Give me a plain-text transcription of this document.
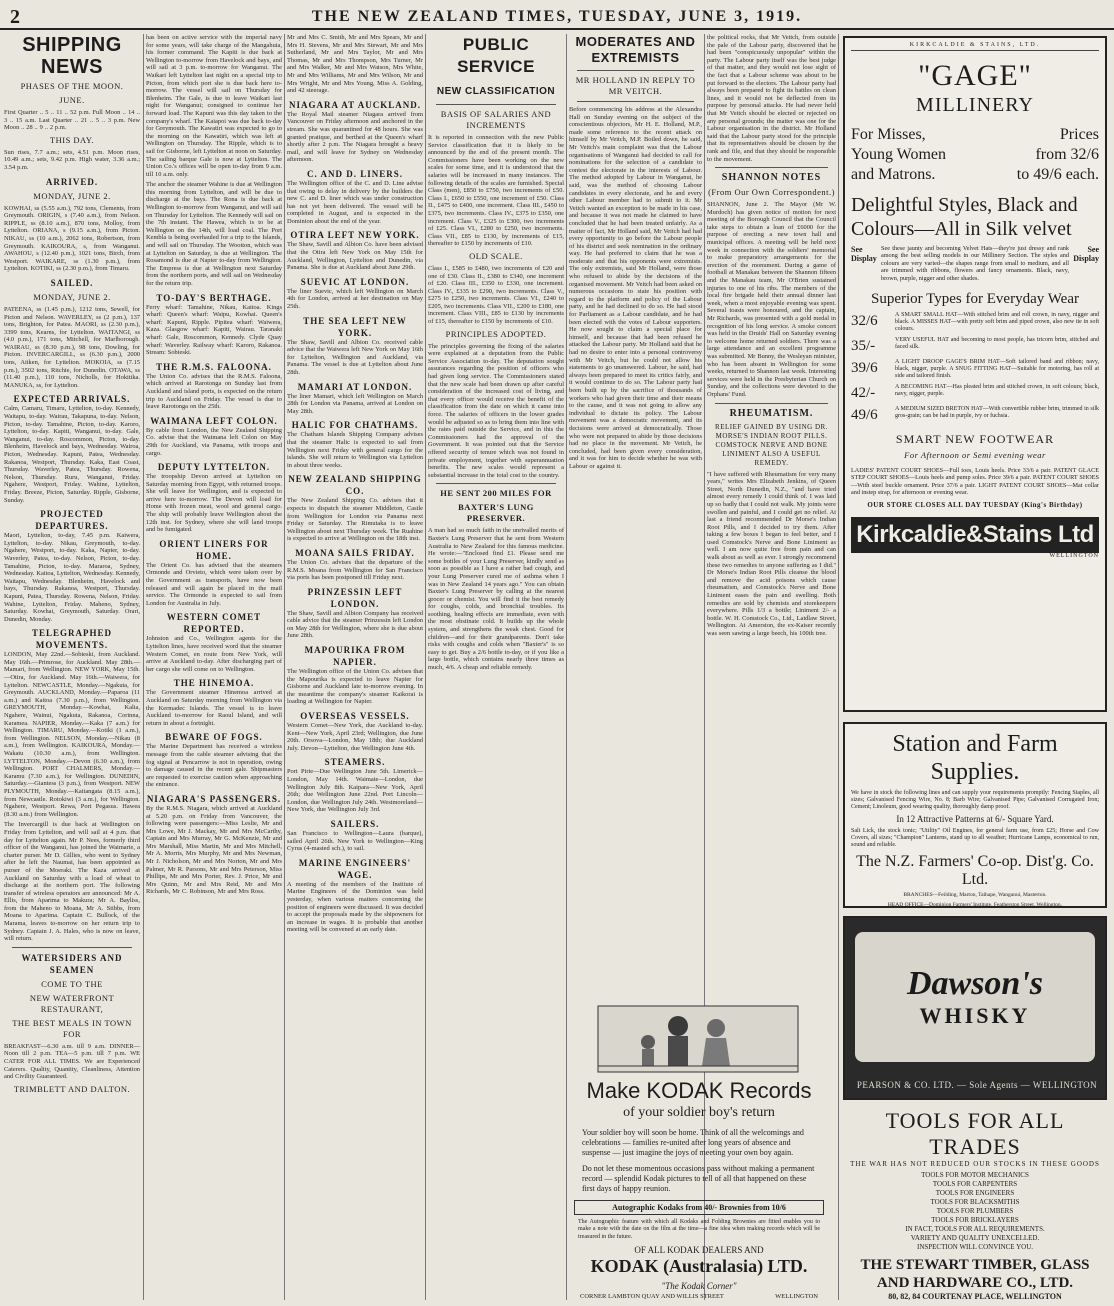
2	THE NEW ZEALAND TIMES, TUESDAY, JUNE 3, 1919.
SHIPPING NEWS
PHASES OF THE MOON.
JUNE.
First Quarter .. 5 .. 11 .. 52 p.m. Full Moon .. 14 .. 3 .. 15 a.m. Last Quarter .. 21 .. 5 .. 3 p.m. New Moon .. 28 .. 9 .. 2 p.m.
THIS DAY.
Sun rises, 7.7 a.m.; sets, 4.51 p.m. Moon rises, 10.49 a.m.; sets, 9.42 p.m. High water, 3.36 a.m.; 3.54 p.m.
ARRIVED.
MONDAY, JUNE 2.
KOWHAI, ss (5.55 a.m.), 792 tons, Clements, from Greymouth. ORIGIN, s (7.40 a.m.), from Nelson. RIPPLE, ss (8.10 a.m.), 870 tons, Molloy, from Lyttelton. ORIANA, s (9.15 a.m.), from Picton. NIKAU, ss (10 a.m.), 2062 tons, Robertson, from Greymouth. KAIKOURA, s, from Wanganui. AWAHOU, s (12.40 p.m.), 1021 tons, Birch, from Westport. WAIKARE, ss (1.30 p.m.), from Lyttelton. KOTIKI, ss (2.30 p.m.), from Timaru.
SAILED.
MONDAY, JUNE 2.
PATEENA, ss (1.45 p.m.), 1212 tons, Sewell, for Picton and Nelson. WAVERLEY, ss (2 p.m.), 137 tons, Brighton, for Patea. MAORI, ss (2.30 p.m.), 3399 tons, Kearns, for Lyttelton. WAITANGI, ss (4.0 p.m.), 171 tons, Mitchell, for Marlborough. WAIRAU, ss (8.30 p.m.), 98 tons, Dowling, for Picton. INVERCARGILL, ss (6.30 p.m.), 2000 tons, Aitken, for Lyttelton. MOKOIA, ss (7.15 p.m.), 3502 tons, Ritchie, for Dunedin. OTAWA, ss (11.40 p.m.), 110 tons, Nicholls, for Hokitika. MANUKA, ss, for Lyttelton.
EXPECTED ARRIVALS.
Calm, Camaru, Timaru, Lyttelton, to-day. Kennedy, Waitapu, to-day. Wairau, Takapuna, to-day. Nelson, Picton, to-day. Tamahine, Picton, to-day. Karoro, Lyttelton, to-day. Kapiti, Wanganui, to-day. Gale, Wanganui, to-day. Roscommon, Picton, to-day. Blenheim, Havelock and bays, Wednesday. Wairoa, Picton, Wednesday. Kapuni, Patea, Wednesday. Rakanoa, Westport, Thursday. Kaka, East Coast, Thursday. Waverley, Patea, Thursday. Rowena, Nelson, Thursday. Ruru, Wanganui, Friday. Ngahere, Westport, Friday. Wahine, Lyttelton, Friday. Breeze, Picton, Saturday. Ripple, Gisborne, Sunday.
PROJECTED DEPARTURES.
Maori, Lyttelton, to-day, 7.45 p.m. Kaiwera, Lyttelton, to-day. Nikau, Greymouth, to-day. Ngahere, Westport, to-day. Kaka, Napier, to-day. Waverley, Patea, to-day. Nelson, Picton, to-day. Tamahine, Picton, to-day. Mararoa, Sydney, Wednesday. Kaitoa, Lyttelton, Wednesday. Kennedy, Waitapu, Wednesday. Blenheim, Havelock and bays, Thursday. Rakanoa, Westport, Thursday. Kapuni, Patea, Thursday. Rowena, Nelson, Friday. Wahine, Lyttelton, Friday. Maheno, Sydney, Saturday. Kowhai, Greymouth, Saturday. Orari, Dunedin, Monday.
TELEGRAPHED MOVEMENTS.
LONDON, May 22nd.—Sobieski, from Auckland. May 16th.—Primrose, for Auckland. May 28th.—Mamari, from Wellington. NEW YORK, May 15th.—Otira, for Auckland. May 16th.—Waiwera, for Lyttelton. NEWCASTLE, Monday.—Ngakuta, for Greymouth. AUCKLAND, Monday.—Paparoa (11 a.m.) and Kaitoa (7.30 p.m.), from Wellington. GREYMOUTH, Monday.—Kowhai, Kalia, Ngahere, Wainui, Ngakuta, Rakanoa, Corinna, Karamea. NAPIER, Monday.—Kaka (7 a.m.) for Wellington. TIMARU, Monday.—Kotiki (1 a.m.), from Wellington. NELSON, Monday.—Nikau (8 a.m.), from Wellington. KAIKOURA, Monday.—Wakatu (10.30 a.m.), from Wellington. LYTTELTON, Monday.—Devon (6.30 a.m.), from Wellington. PORT CHALMERS, Monday.—Karamu (7.30 a.m.), for Wellington. DUNEDIN, Saturday.—Giantess (3 p.m.), from Westport. NEW PLYMOUTH, Monday.—Kaitangata (8.15 a.m.), from Newcastle. Rotokiwi (3 a.m.), for Wellington. Ngahere, Westport. Rewa, Port Pegasus. Hawea (8.30 a.m.) from Wellington.
The Invercargill is due back at Wellington on Friday from Lyttelton, and will sail at 4 p.m. that day for Lyttelton again. Mr P. Nees, formerly third officer of the Wanganui, has joined the Waimarie, a charter purser. Mr D. Gillies, who went to Sydney after he left the Naumai, has been appointed as purser of the Moeraki. The Kaza arrived at Auckland on Saturday with a load of wheat to discharge at the northern port. The following transfer of wireless operators are announced: Mr A. Ellis, from Aparima to Makura; Mr A. Bayliss, from the Maheno to Moana, Mr A. Stibbs, from Moana to Aparima. Captain C. Bullock, of the Marama, leaves to-morrow on her return trip to Sydney. Captain J. A. Hales, who is now on leave, will return.
WATERSIDERS AND SEAMEN
COME TO THE
NEW WATERFRONT RESTAURANT,
THE BEST MEALS IN TOWN FOR
BREAKFAST—6.30 a.m. till 9 a.m. DINNER—Noon till 2 p.m. TEA—5 p.m. till 7 p.m. WE CATER FOR ALL TIMES. We are Experienced Caterers. Quality, Quantity, Cleanliness, Attention and Civility Guaranteed.
TRIMBLETT AND DALTON.
has been on active service with the imperial navy for some years, will take charge of the Mangahuia, his former command. The Kapiti is due back at Wellington to-morrow from Havelock and bays, and will sail at 3 p.m. to-morrow for Wanganui. The Waikari left Lyttelton last night on a special trip to Picton, from which port she is due back here to-morrow. The vessel will sail on Thursday for Blenheim. The Gale, is due to leave Waikari last night for Wanganui; consigned to continue her forward load. The Kapuni was this day taken to the company's wharf. The Kaiapoi was due back to-day for Greymouth. The Kawatiri was expected to go to the morning on the Kawatiri, which was left at Wellington on Thursday. The Ripple, which is to sail for Gisborne, left Lyttelton at noon on Saturday. The sailing barque Gale is now at Lyttelton. The Union Co.'s offices will be open to-day from 9 a.m. till 10 a.m. only.
The anchor the steamer Wahine is due at Wellington this morning from Lyttelton, and will be due to discharge at the bays. The Rona is due back at Wellington to-morrow from Wanganui, and will sail on Thursday for Lyttelton. The Kennedy will sail on the 7th instant. The Hawea, which is to be at Wellington on the 14th, will load coal. The Port Kembla is being overhauled for a trip to the Islands, and will sail on Thursday. The Wootton, which was at Lyttelton on Saturday, is due at Wellington. The Rosamond is due at Napier to-day from Wellington. The Empress is due at Wellington next Saturday from the northern ports, and will sail on Wednesday for the return trip.
TO-DAY'S BERTHAGE.
Ferry wharf: Tamahine, Nikau, Kaitoa. Kings wharf: Queen's wharf: Waipu, Kowhai. Queen's wharf: Kapuni, Ripple. Pipitea wharf: Waiwera, Kaza. Glasgow wharf: Kapiti, Wairau. Taranaki wharf: Gale, Roscommon, Kennedy. Clyde Quay wharf: Waverley. Railway wharf: Karoro, Rakanoa. Stream: Sobieski.
THE R.M.S. FALOONA.
The Union Co. advises that the R.M.S. Faloona, which arrived at Rarotonga on Sunday last from Auckland and island ports, is expected on the return trip to Auckland on Friday. The vessel is due to leave Rarotonga on the 25th.
WAIMANA LEFT COLON.
By cable from London, the New Zealand Shipping Co. advise that the Waimana left Colon on May 29th for Auckland, via Panama, with troops and cargo.
DEPUTY LYTTELTON.
The troopship Devon arrived at Lyttelton on Saturday morning from Egypt, with returned troops. She will leave for Wellington, and is expected to arrive here to-morrow. The Devon will load for Home with frozen meat, wool and general cargo. The ship will probably leave Wellington about the 12th inst. for Sydney, where she will land troops and be fumigated.
ORIENT LINERS FOR HOME.
The Orient Co. has advised that the steamers Ormonde and Orvieto, which were taken over by the Government as transports, have now been released and will again be placed in the mail service. The Ormonde is expected to sail from London for Australia in July.
WESTERN COMET REPORTED.
Johnston and Co., Wellington agents for the Lyttelton lines, have received word that the steamer Western Comet, en route from New York, will arrive at Auckland to-day. After discharging part of her cargo she will come on to Wellington.
THE HINEMOA.
The Government steamer Hinemoa arrived at Auckland on Saturday morning from Wellington via the Kermadec Islands. The vessel is to leave Auckland to-morrow for Raoul Island, and will return in about a fortnight.
BEWARE OF FOGS.
The Marine Department has received a wireless message from the cable steamer advising that the fog signal at Pencarrow is not in operation, owing to damage caused in the recent gale. Shipmasters are requested to exercise caution when approaching the entrance.
NIAGARA'S PASSENGERS.
By the R.M.S. Niagara, which arrived at Auckland at 5.20 p.m. on Friday from Vancouver, the following were passengers:—Miss Leslie, Mr and Mrs Lowe, Mr J. Mackay, Mr and Mrs McCarthy, Captain and Mrs Murray, Mr G. McKenzie, Mr and Mrs Marshall, Miss Martin, Mr and Mrs Mitchell, Mr A. Morris, Mrs Murphy, Mr and Mrs Newman, Mr J. Nicholson, Mr and Mrs Norton, Mr and Mrs Palmer, Mr R. Parsons, Mr and Mrs Peterson, Miss Phillips, Mr and Mrs Porter, Rev. J. Price, Mr and Mrs Quinn, Mr and Mrs Reid, Mr and Mrs Richards, Mr C. Robinson, Mr and Mrs Ross.
Mr and Mrs C. Smith, Mr and Mrs Spears, Mr and Mrs H. Stevens, Mr and Mrs Stewart, Mr and Mrs Sutherland, Mr and Mrs Taylor, Mr and Mrs Thomas, Mr and Mrs Thompson, Mrs Turner, Mr and Mrs Walker, Mr and Mrs Watson, Mrs White, Mr and Mrs Williams, Mr and Mrs Wilson, Mr and Mrs Wright, Mr and Mrs Young, Miss A. Golding, and 42 steerage.
NIAGARA AT AUCKLAND.
The Royal Mail steamer Niagara arrived from Vancouver on Friday afternoon and anchored in the stream. She was quarantined for 48 hours. She was granted pratique, and berthed at the Queen's wharf shortly after 2 p.m. The Niagara brought a heavy mail, and will leave for Sydney on Wednesday afternoon.
C. AND D. LINERS.
The Wellington office of the C. and D. Line advise that owing to delay in delivery by the builders the new C. and D. liner which was under construction has not yet been delivered. The vessel will be completed in August, and is expected in the Dominion about the end of the year.
OTIRA LEFT NEW YORK.
The Shaw, Savill and Albion Co. have been advised that the Otira left New York on May 15th for Auckland, Wellington, Lyttelton and Dunedin, via Panama. She is due at Auckland about June 29th.
SUEVIC AT LONDON.
The liner Suevic, which left Wellington on March 4th for London, arrived at her destination on May 25th.
THE SEA LEFT NEW YORK.
The Shaw, Savill and Albion Co. received cable advice that the Waiwera left New York on May 16th for Lyttelton, Wellington and Auckland, via Panama. The vessel is due at Lyttelton about June 28th.
MAMARI AT LONDON.
The liner Mamari, which left Wellington on March 28th for London via Panama, arrived at London on May 28th.
HALIC FOR CHATHAMS.
The Chatham Islands Shipping Company advises that the steamer Halic is expected to sail from Wellington next Friday with general cargo for the islands. She will return to Wellington via Lyttelton in about three weeks.
NEW ZEALAND SHIPPING CO.
The New Zealand Shipping Co. advises that it expects to dispatch the steamer Middleton, Castle from Wellington for London via Panama next Friday or Saturday. The Rimutaka is to leave Wellington about next Thursday week. The Ruahine is expected to arrive at Wellington on the 18th inst.
MOANA SAILS FRIDAY.
The Union Co. advises that the departure of the R.M.S. Moana from Wellington for San Francisco via ports has been postponed till Friday next.
PRINZESSIN LEFT LONDON.
The Shaw, Savill and Albion Company has received cable advice that the steamer Prinzessin left London on May 28th for Wellington, where she is due about June 28th.
MAPOURIKA FROM NAPIER.
The Wellington office of the Union Co. advises that the Mapourika is expected to leave Napier for Gisborne and Auckland late to-morrow evening. In the meantime the company's steamer Kaikorai is loading at Wellington for Napier.
OVERSEAS VESSELS.
Western Comet—New York, due Auckland to-day. Kent—New York, April 23rd; Wellington, due June 20th. Orsova—London, May 18th; due Auckland July. Devon—Lyttelton, due Wellington June 4th.
STEAMERS.
Port Pirie—Due Wellington June 5th. Limerick—London, May 14th. Waimate—London, due Wellington July 8th. Kaipara—New York, April 26th; due Wellington June 22nd. Port Lincoln—London, due Wellington July 24th. Westmoreland—New York, due Wellington July 3rd.
SAILERS.
San Francisco to Wellington—Laura (barque), sailed April 26th. New York to Wellington—King Cyrus (4-masted sch.), to sail.
MARINE ENGINEERS' WAGE.
A meeting of the members of the Institute of Marine Engineers of the Dominion was held yesterday, when various matters concerning the position of engineers were discussed. It was decided to accept the proposals made by the shipowners for an increase in wages. It is probable that another meeting will be convened at an early date.
PUBLIC SERVICE
NEW CLASSIFICATION
BASIS OF SALARIES AND INCREMENTS
It is reported in connection with the new Public Service classification that it is likely to be announced by the end of the present month. The Commissioners have been working on the new scales for some time, and it is understood that the salaries will be increased in many instances. The following details of the scales are furnished. Special Class (men), £850 to £750, two increments of £50. Class I., £650 to £550, one increment of £50. Class II., £475 to £400, one increment. Class III., £450 to £375, two increments. Class IV., £375 to £350, one increment. Class V., £325 to £300, two increments of £25. Class VI., £280 to £250, two increments. Class VII., £85 to £130, by increments of £15, thereafter to £150 by increments of £10.
OLD SCALE.
Class I., £585 to £480, two increments of £20 and one of £30. Class II., £380 to £340, one increment of £20. Class III., £350 to £330, one increment. Class IV., £335 to £290, two increments. Class V., £275 to £250, two increments. Class VI., £240 to £205, two increments. Class VII., £200 to £180, one increment. Class VIII., £85 to £130 by increments of £15, thereafter to £150 by increments of £10.
PRINCIPLES ADOPTED.
The principles governing the fixing of the salaries were explained at a deputation from the Public Service Association to-day. The deputation sought assurances regarding the position of officers who had given long service. The Commissioners stated that the new scale had been drawn up after careful consideration of the increased cost of living, and that every officer would receive the benefit of the classification from the date on which it came into force. The salaries of officers in the lower grades would be adjusted so as to bring them into line with the rates paid outside the Service, and in this the Commissioners had the approval of the Government. It was pointed out that the Service offered security of tenure which was not found in private employment, together with superannuation benefits. The new scales would represent a substantial increase in the total cost to the country.
HE SENT 200 MILES FOR
BAXTER'S LUNG PRESERVER.
A man had so much faith in the unrivalled merits of Baxter's Lung Preserver that he sent from Western Australia to New Zealand for this famous medicine. He wrote:—"Enclosed find £1. Please send me some bottles of your Lung Preserver, kindly send as soon as possible as I have a rather bad cough, and your Lung Preserver cured me of asthma when I was in New Zealand 14 years ago." You can obtain Baxter's Lung Preserver by calling at the nearest grocer or chemist. You will find it the best remedy for coughs, colds, and bronchial troubles. Its soothing, healing effects are immediate, even with the most obstinate cold. It builds up the whole system, and strengthens the weak chest. Good for children—and for their grandparents. Don't take risks with coughs and colds when "Baxter's" is so easy to get. Buy a 2/6 bottle to-day, or if you like a large bottle, which contains nearly three times as much, 4/6. A cheap and reliable remedy.
MODERATES AND EXTREMISTS
MR HOLLAND IN REPLY TO MR VEITCH.
Before commencing his address at the Alexandra Hall on Sunday evening on the subject of the conscientious objectors, Mr H. E. Holland, M.P., made some reference to the recent attack on himself by Mr Veitch, M.P. Boiled down, he said, Mr Veitch's main complaint was that the Labour organisations of Wanganui had decided to call for nominations for the selection of a candidate to contest the electorate in the interests of Labour. The method adopted by Labour in Wanganui, he said, was the method of choosing Labour candidates in every electorate, and he and every other Labour member had to submit to it. Mr Veitch wanted an exception to be made in his case, and because it was not made he claimed to have concluded that he had been treated unfairly. As a matter of fact, Mr Holland said, Mr Veitch had had every opportunity to go before the Labour people of his district and seek nomination in the ordinary way. He had preferred to claim that he was a moderate and that his opponents were extremists. The only extremists, said Mr Holland, were those who refused to abide by the decisions of the organised movement. Mr Veitch had been asked on numerous occasions to state his position with regard to the platform and policy of the Labour party, and he had declined to do so. He had stood for Parliament as a Labour candidate, and he had been elected with the votes of Labour supporters. He now sought to claim a special place for himself, and because that had been refused he attacked the Labour party. Mr Holland said that he had no desire to enter into a personal controversy with Mr Veitch, but he could not allow his statements to go unanswered. Labour, he said, had always been prepared to meet its critics fairly, and it would continue to do so. The Labour party had been built up by the sacrifice of thousands of workers who had given their time and their means to the cause, and it was not going to allow any individual to dictate its policy. The Labour movement was a democratic movement, and its decisions were arrived at democratically. Those who were not prepared to abide by those decisions had no place in the movement. Mr Veitch, he concluded, had been given every consideration, and it was for him to decide whether he was with Labour or against it.
the political rocks, that Mr Veitch, from outside the pale of the Labour party, discovered that he had been "conspicuously unpopular" within the party. The Labour party itself was the best judge of that matter, and they would not lose sight of the fact that a Labour scheme was about to be put forward to the electors. The Labour party had always been prepared to fight its battles on clean lines, and it would not be deflected from its purpose by personal attacks. He had never held that Mr Veitch should be elected or rejected on any personal grounds; the matter was one for the Labour organisation in the district. Mr Holland said that the Labour party stood for the principle that its representatives should be chosen by the rank and file, and that they should be responsible to the movement.
SHANNON NOTES
(From Our Own Correspondent.)
SHANNON, June 2. The Mayor (Mr W. Murdoch) has given notice of motion for next meeting of the Borough Council that the Council take steps to obtain a loan of £6000 for the purpose of erecting a new town hall and municipal offices. A meeting will be held next week in connection with the soldiers' memorial to make preparatory arrangements for the erection of the monument. During a game of football at Manakau between the Shannon fifteen and the Manakau team, Mr O'Brien sustained injuries to one of his ribs. The members of the local fire brigade held their annual dinner last week, when a most enjoyable evening was spent. Several toasts were honoured, and the captain, Mr Richards, was presented with a gold medal in recognition of his long service. A smoke concert was held in the Druids' Hall on Saturday evening to welcome home returned soldiers. There was a large attendance and an excellent programme was submitted. Mr Bunny, the Wesleyan minister, who has been absent in Wellington for some weeks, returned to Shannon last week. Interesting services were held in the Presbyterian Church on Sunday, and the collections were devoted to the Orphans' Fund.
RHEUMATISM.
RELIEF GAINED BY USING DR. MORSE'S INDIAN ROOT PILLS. COMSTOCK NERVE AND BONE LINIMENT ALSO A USEFUL REMEDY.
"I have suffered with Rheumatism for very many years," writes Mrs Elizabeth Jenkins, of Queen Street, North Dunedin, N.Z., "and have tried almost every remedy I could think of. I was laid up so badly that I could not walk. My joints were swollen and painful, and I could get no relief. At last a friend recommended Dr Morse's Indian Root Pills, and I decided to try them. After taking a few boxes I began to feel better, and I used Comstock's Nerve and Bone Liniment as well. I am now quite free from pain and can walk about as well as ever. I strongly recommend these two remedies to anyone suffering as I did." Dr Morse's Indian Root Pills cleanse the blood and remove the acid poisons which cause rheumatism, and Comstock's Nerve and Bone Liniment eases the pain and swelling. Both remedies are sold by chemists and storekeepers everywhere. Pills 1/3 a bottle; Liniment 2/- a bottle. W. H. Comstock Co., Ltd., Laidlaw Street, Wellington. At Amerston, the ex-Kaiser recently was seen sawing a large beech, his 100th tree.
Make KODAK Records
of your soldier boy's return
Your soldier boy will soon be home. Think of all the welcomings and celebrations — families re-united after long years of absence and suspense — just imagine the joys of meeting your own boy again.
Do not let these momentous occasions pass without making a permanent record — splendid Kodak pictures to tell of all that happened on these first days of happy reunion.
Autographic Kodaks from 40/- Brownies from 10/6
The Autographic feature with which all Kodaks and Folding Brownies are fitted enables you to make a note with the date on the film at the time—a fine idea when making records which will be treasured in the future.
OF ALL KODAK DEALERS AND
KODAK (Australasia) LTD.
"The Kodak Corner"
CORNER LAMBTON QUAY AND WILLIS STREET	WELLINGTON
KIRKCALDIE & STAINS, LTD.
"GAGE"
MILLINERY
For Misses,	Prices
Young Women	from 32/6
and Matrons.	to 49/6 each.
Delightful Styles, Black and Colours—All in Silk velvet
See Display
See these jaunty and becoming Velvet Hats—they're just dressy and rank among the best selling models in our Millinery Section. The styles and colours are very varied—the shapes range from small to medium, and all are trimmed with ribbons, flowers and fancy ornaments. Black, navy, brown, purple, nigger and other shades.
See Display
Superior Types for Everyday Wear
32/6	A SMART SMALL HAT—With stitched brim and roll crown, in navy, nigger and black. A MISSES HAT—with pretty soft brim and piped crown, also new tie in soft colours.
35/-	VERY USEFUL HAT and becoming to most people, has tricorn brim, stitched and faced silk.
39/6	A LIGHT DROOP GAGE'S BRIM HAT—Soft tailored band and ribbon; navy, black, nigger, purple. A SNUG FITTING HAT—Suitable for motoring, has roll at side and tailored finish.
42/-	A BECOMING HAT—Has pleated brim and stitched crown, in soft colours; black, navy, nigger, purple.
49/6	A MEDIUM SIZED BRETON HAT—With convertible rubber brim, trimmed in silk gros-grain; can be had in purple, ivy or fuchsia.
SMART NEW FOOTWEAR
For Afternoon or Semi evening wear
LADIES' PATENT COURT SHOES—Full toes, Louis heels. Price 33/6 a pair. PATENT GLACE STEP COURT SHOES—Louis heels and pump soles. Price 39/6 a pair. PATENT COURT SHOES—With steel buckle ornament. Price 37/6 a pair. LIGHT PATENT COURT SHOES—Mat collar and instep strap, for afternoon or evening wear.
OUR STORE CLOSES ALL DAY TUESDAY (King's Birthday)
Kirkcaldie&Stains Ltd
WELLINGTON
Station and Farm Supplies.
We have in stock the following lines and can supply your requirements promptly: Fencing Staples, all sizes; Galvanised Fencing Wire, No. 8; Barb Wire; Galvanised Pipe; Galvanised Corrugated Iron; Cement; Linoleum, good wearing quality, thoroughly damp proof.
In 12 Attractive Patterns at 6/- Square Yard.
Salt Lick, the stock tonic; "Utility" Oil Engines, for general farm use, from £25; Horse and Cow Covers, all sizes; "Champion" Lanterns, stand up to all weather; Hurricane Lamps, economical to run, sound and reliable.
The N.Z. Farmers' Co-op. Dist'g. Co. Ltd.
BRANCHES—Feilding, Marton, Taihape, Wanganui, Masterton.
HEAD OFFICE—Dominion Farmers' Institute, Featherston Street, Wellington.
Dawson's
WHISKY
PEARSON & CO. LTD. — Sole Agents — WELLINGTON
TOOLS FOR ALL TRADES
THE WAR HAS NOT REDUCED OUR STOCKS IN THESE GOODS
TOOLS FOR MOTOR MECHANICS
TOOLS FOR CARPENTERS
TOOLS FOR ENGINEERS
TOOLS FOR BLACKSMITHS
TOOLS FOR PLUMBERS
TOOLS FOR BRICKLAYERS
IN FACT, TOOLS FOR ALL REQUIREMENTS.
VARIETY AND QUALITY UNEXCELLED.
INSPECTION WILL CONVINCE YOU.
THE STEWART TIMBER, GLASS AND HARDWARE CO., LTD.
80, 82, 84 COURTENAY PLACE, WELLINGTON
